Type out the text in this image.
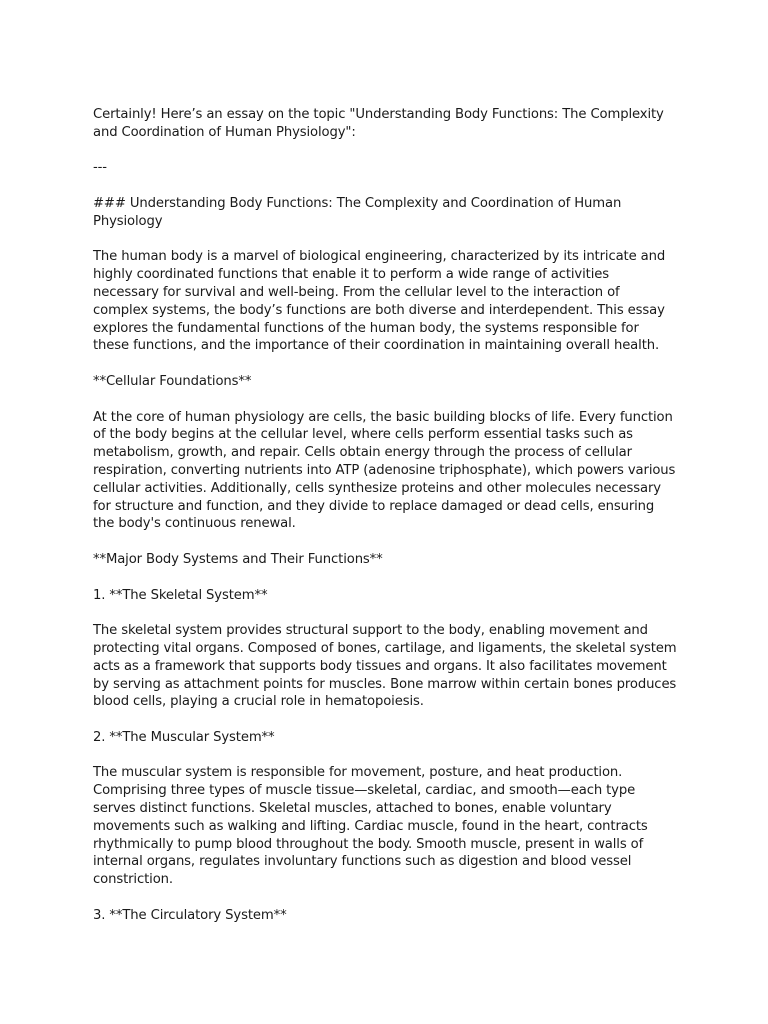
Certainly! Here’s an essay on the topic "Understanding Body Functions: The Complexity and Coordination of Human Physiology":

---

### Understanding Body Functions: The Complexity and Coordination of Human Physiology

The human body is a marvel of biological engineering, characterized by its intricate and highly coordinated functions that enable it to perform a wide range of activities necessary for survival and well-being. From the cellular level to the interaction of complex systems, the body’s functions are both diverse and interdependent. This essay explores the fundamental functions of the human body, the systems responsible for these functions, and the importance of their coordination in maintaining overall health.

**Cellular Foundations**

At the core of human physiology are cells, the basic building blocks of life. Every function of the body begins at the cellular level, where cells perform essential tasks such as metabolism, growth, and repair. Cells obtain energy through the process of cellular respiration, converting nutrients into ATP (adenosine triphosphate), which powers various cellular activities. Additionally, cells synthesize proteins and other molecules necessary for structure and function, and they divide to replace damaged or dead cells, ensuring the body's continuous renewal.

**Major Body Systems and Their Functions**

1. **The Skeletal System**

The skeletal system provides structural support to the body, enabling movement and protecting vital organs. Composed of bones, cartilage, and ligaments, the skeletal system acts as a framework that supports body tissues and organs. It also facilitates movement by serving as attachment points for muscles. Bone marrow within certain bones produces blood cells, playing a crucial role in hematopoiesis.

2. **The Muscular System**

The muscular system is responsible for movement, posture, and heat production. Comprising three types of muscle tissue—skeletal, cardiac, and smooth—each type serves distinct functions. Skeletal muscles, attached to bones, enable voluntary movements such as walking and lifting. Cardiac muscle, found in the heart, contracts rhythmically to pump blood throughout the body. Smooth muscle, present in walls of internal organs, regulates involuntary functions such as digestion and blood vessel constriction.

3. **The Circulatory System**
